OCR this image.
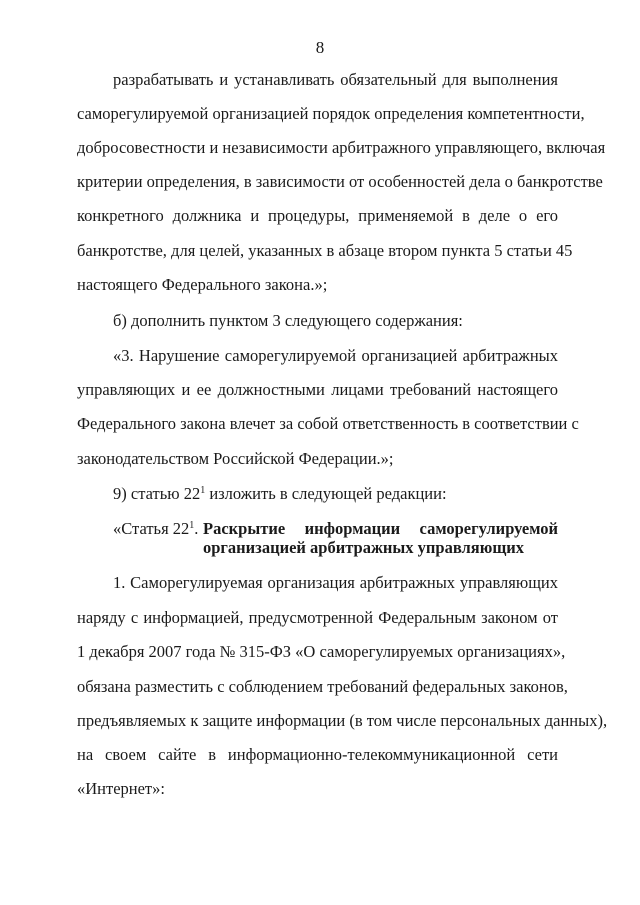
8
разрабатывать и устанавливать обязательный для выполнения
саморегулируемой организацией порядок определения компетентности,
добросовестности и независимости арбитражного управляющего, включая
критерии определения, в зависимости от особенностей дела о банкротстве
конкретного должника и процедуры, применяемой в деле о его
банкротстве, для целей, указанных в абзаце втором пункта 5 статьи 45
настоящего Федерального закона.»;
б) дополнить пунктом 3 следующего содержания:
«3. Нарушение саморегулируемой организацией арбитражных
управляющих и ее должностными лицами требований настоящего
Федерального закона влечет за собой ответственность в соответствии с
законодательством Российской Федерации.»;
9) статью $22^1$ изложить в следующей редакции:
«Статья $22^1$. Раскрытие информации саморегулируемой
организацией арбитражных управляющих
1. Саморегулируемая организация арбитражных управляющих
наряду с информацией, предусмотренной Федеральным законом от
1 декабря 2007 года № 315-ФЗ «О саморегулируемых организациях»,
обязана разместить с соблюдением требований федеральных законов,
предъявляемых к защите информации (в том числе персональных данных),
на своем сайте в информационно-телекоммуникационной сети
«Интернет»:
